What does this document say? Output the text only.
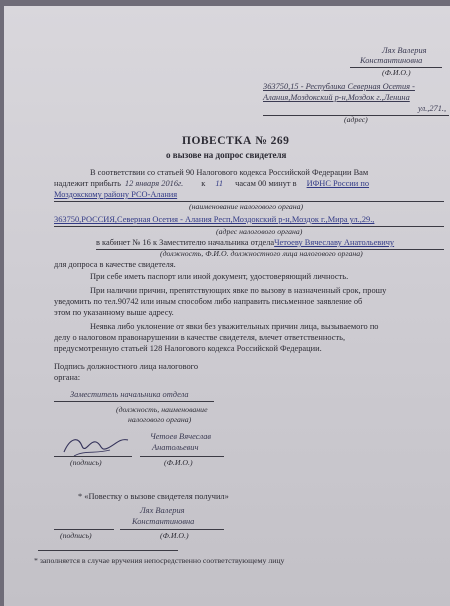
Лях Валерия
Константиновна
(Ф.И.О.)
363750,15 - Республика Северная Осетия -
Алания,Моздокский р-н,Моздок г.,Ленина
ул.,271.,
(адрес)
ПОВЕСТКА № 269
о вызове на допрос свидетеля
В соответствии со статьей 90 Налогового кодекса Российской Федерации Вам
надлежит прибыть 12 января 2016г. к 11 часам 00 минут в ИФНС России по
Моздокскому району РСО-Алания
(наименование налогового органа)
363750,РОССИЯ,Северная Осетия - Алания Респ,Моздокский р-н,Моздок г.,Мира ул.,29.,
(адрес налогового органа)
в кабинет № 16 к Заместителю начальника отделаЧетоеву Вячеславу Анатольевичу
(должность, Ф.И.О. должностного лица налогового органа)
для допроса в качестве свидетеля.
При себе иметь паспорт или иной документ, удостоверяющий личность.
При наличии причин, препятствующих явке по вызову в назначенный срок, прошу
уведомить по тел.90742 или иным способом либо направить письменное заявление об
этом по указанному выше адресу.
Неявка либо уклонение от явки без уважительных причин лица, вызываемого по
делу о налоговом правонарушении в качестве свидетеля, влечет ответственность,
предусмотренную статьей 128 Налогового кодекса Российской Федерации.
Подпись должностного лица налогового
органа:
Заместитель начальника отдела
(должность, наименование
налогового органа)
Четоев Вячеслав
Анатольевич
(подпись)	(Ф.И.О.)
* «Повестку о вызове свидетеля получил»
Лях Валерия
Константиновна
(подпись)	(Ф.И.О.)
* заполняется в случае вручения непосредственно соответствующему лицу
